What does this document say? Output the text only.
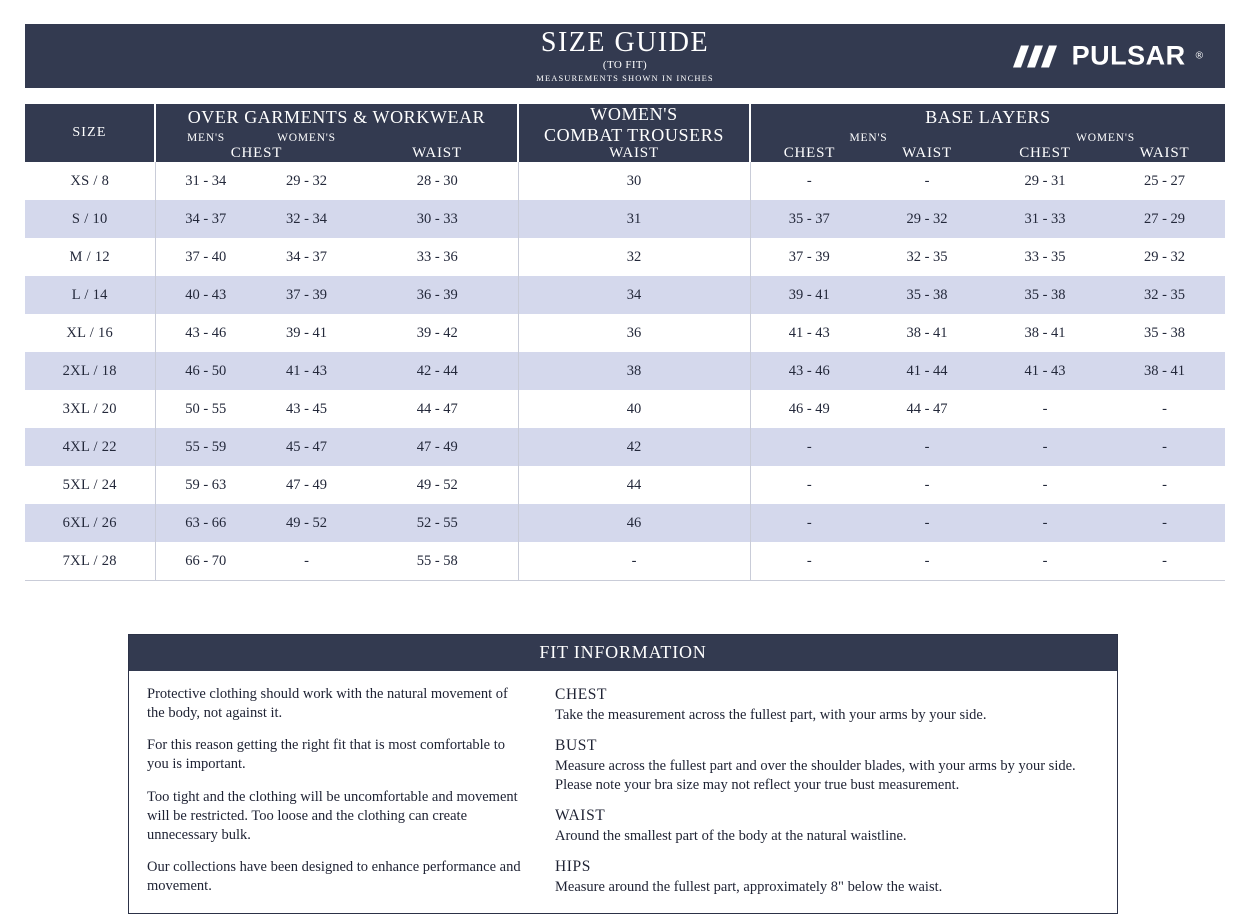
SIZE GUIDE
(TO FIT)
MEASUREMENTS SHOWN IN INCHES
PULSAR ®
SIZE	OVER GARMENTS & WORKWEAR			WOMEN'S
COMBAT TROUSERS	BASE LAYERS			
	MEN'S	WOMEN'S			MEN'S		WOMEN'S	
	CHEST		WAIST	WAIST	CHEST	WAIST	CHEST	WAIST
XS / 8	31 - 34	29 - 32	28 - 30	30	-	-	29 - 31	25 - 27
S / 10	34 - 37	32 - 34	30 - 33	31	35 - 37	29 - 32	31 - 33	27 - 29
M / 12	37 - 40	34 - 37	33 - 36	32	37 - 39	32 - 35	33 - 35	29 - 32
L / 14	40 - 43	37 - 39	36 - 39	34	39 - 41	35 - 38	35 - 38	32 - 35
XL / 16	43 - 46	39 - 41	39 - 42	36	41 - 43	38 - 41	38 - 41	35 - 38
2XL / 18	46 - 50	41 - 43	42 - 44	38	43 - 46	41 - 44	41 - 43	38 - 41
3XL / 20	50 - 55	43 - 45	44 - 47	40	46 - 49	44 - 47	-	-
4XL / 22	55 - 59	45 - 47	47 - 49	42	-	-	-	-
5XL / 24	59 - 63	47 - 49	49 - 52	44	-	-	-	-
6XL / 26	63 - 66	49 - 52	52 - 55	46	-	-	-	-
7XL / 28	66 - 70	-	55 - 58	-	-	-	-	-
FIT INFORMATION

Protective clothing should work with the natural movement of the body, not against it.

For this reason getting the right fit that is most comfortable to you is important.

Too tight and the clothing will be uncomfortable and movement will be restricted. Too loose and the clothing can create unnecessary bulk.

Our collections have been designed to enhance performance and movement.

CHEST

Take the measurement across the fullest part, with your arms by your side.

BUST

Measure across the fullest part and over the shoulder blades, with your arms by your side. Please note your bra size may not reflect your true bust measurement.

WAIST

Around the smallest part of the body at the natural waistline.

HIPS

Measure around the fullest part, approximately 8" below the waist.
